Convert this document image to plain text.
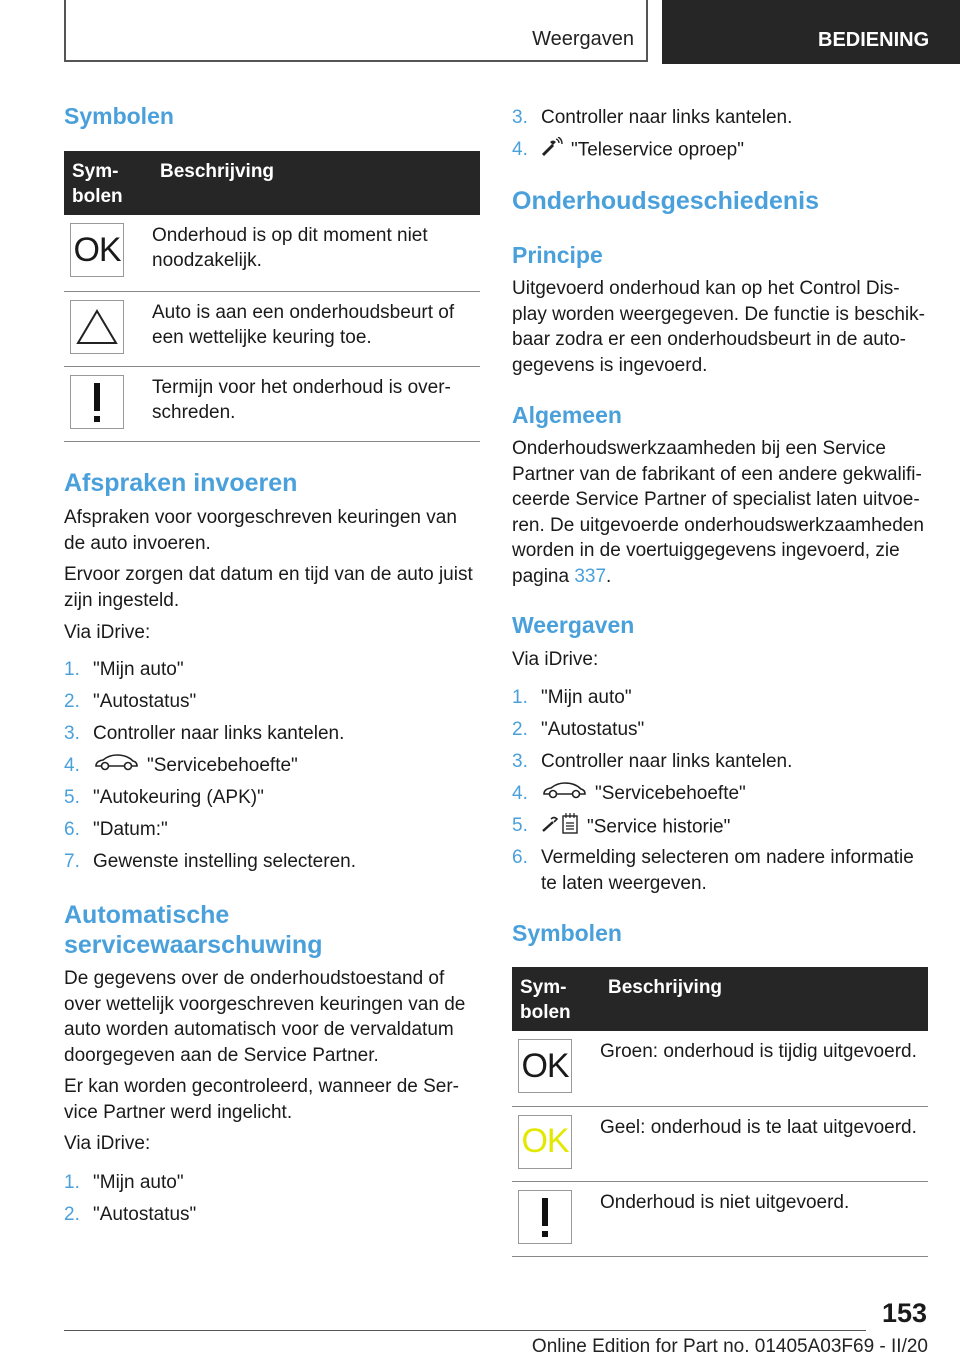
Weergaven	BEDIENING
Symbolen
Sym-
bolen	Beschrijving

OK	Onderhoud is op dit moment niet noodzakelijk.

	Auto is aan een onderhoudsbeurt of een wettelijke keuring toe.

	Termijn voor het onderhoud is over-schreden.
Afspraken invoeren

Afspraken voor voorgeschreven keuringen van de auto invoeren.

Ervoor zorgen dat datum en tijd van de auto juist zijn ingesteld.

Via iDrive:

1. "Mijn auto"
2. "Autostatus"
3. Controller naar links kantelen.
4.	"Servicebehoefte"
5. "Autokeuring (APK)"
6. "Datum:"
7. Gewenste instelling selecteren.
Automatische
servicewaarschuwing

De gegevens over de onderhoudstoestand of over wettelijk voorgeschreven keuringen van de auto worden automatisch voor de vervaldatum doorgegeven aan de Service Partner.

Er kan worden gecontroleerd, wanneer de Ser-vice Partner werd ingelicht.

Via iDrive:

1. "Mijn auto"
2. "Autostatus"
3. Controller naar links kantelen.
4.	"Teleservice oproep"
Onderhoudsgeschiedenis
Principe

Uitgevoerd onderhoud kan op het Control Dis-play worden weergegeven. De functie is beschik-baar zodra er een onderhoudsbeurt in de auto-gegevens is ingevoerd.

Algemeen

Onderhoudswerkzaamheden bij een Service Partner van de fabrikant of een andere gekwalifi-ceerde Service Partner of specialist laten uitvoe-ren. De uitgevoerde onderhoudswerkzaamheden worden in de voertuiggegevens ingevoerd, zie pagina 337.

Weergaven

Via iDrive:

1. "Mijn auto"
2. "Autostatus"
3. Controller naar links kantelen.
4.	"Servicebehoefte"
5.	"Service historie"
6. Vermelding selecteren om nadere informatie
te laten weergeven.
Symbolen
Sym-
bolen	Beschrijving

OK	Groen: onderhoud is tijdig uitgevoerd.

OK	Geel: onderhoud is te laat uitgevoerd.

	Onderhoud is niet uitgevoerd.
153
Online Edition for Part no. 01405A03F69 - II/20
